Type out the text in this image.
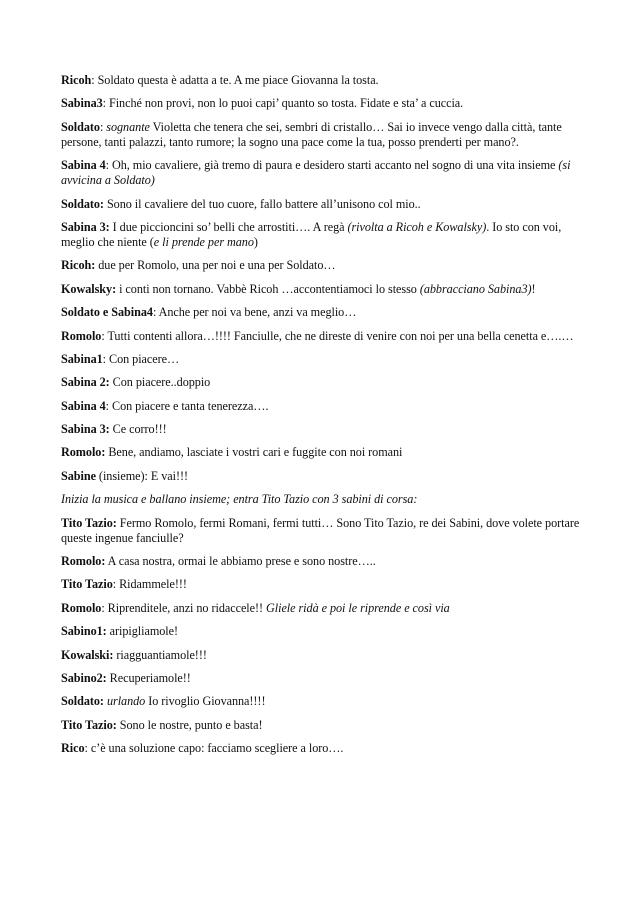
Ricoh: Soldato questa è adatta a te. A me piace Giovanna la tosta.

Sabina3: Finché non provi, non lo puoi capi’ quanto so tosta. Fidate e sta’ a cuccia.

Soldato: sognante Violetta che tenera che sei, sembri di cristallo… Sai io invece vengo dalla città, tante persone, tanti palazzi, tanto rumore; la sogno una pace come la tua, posso prenderti per mano?.

Sabina 4: Oh, mio cavaliere, già tremo di paura e desidero starti accanto nel sogno di una vita insieme (si avvicina a Soldato)

Soldato: Sono il cavaliere del tuo cuore, fallo battere all’unisono col mio..

Sabina 3: I due piccioncini so’ belli che arrostiti…. A regà (rivolta a Ricoh e Kowalsky). Io sto con voi, meglio che niente (e li prende per mano)

Ricoh: due per Romolo, una per noi e una per Soldato…

Kowalsky: i conti non tornano. Vabbè Ricoh …accontentiamoci lo stesso (abbracciano Sabina3)!

Soldato e Sabina4: Anche per noi va bene, anzi va meglio…

Romolo: Tutti contenti allora…!!!! Fanciulle, che ne direste di venire con noi per una bella cenetta e….…

Sabina1: Con piacere…

Sabina 2: Con piacere..doppio

Sabina 4: Con piacere e tanta tenerezza….

Sabina 3: Ce corro!!!

Romolo: Bene, andiamo, lasciate i vostri cari e fuggite con noi romani

Sabine (insieme): E vai!!!

Inizia la musica e ballano insieme; entra Tito Tazio con 3 sabini di corsa:

Tito Tazio: Fermo Romolo, fermi Romani, fermi tutti… Sono Tito Tazio, re dei Sabini, dove volete portare queste ingenue fanciulle?

Romolo: A casa nostra, ormai le abbiamo prese e sono nostre…..

Tito Tazio: Ridammele!!!

Romolo: Riprenditele, anzi no ridaccele!! Gliele ridà e poi le riprende e così via

Sabino1: aripigliamole!

Kowalski: riagguantiamole!!!

Sabino2: Recuperiamole!!

Soldato: urlando Io rivoglio Giovanna!!!!

Tito Tazio: Sono le nostre, punto e basta!

Rico: c’è una soluzione capo: facciamo scegliere a loro….
